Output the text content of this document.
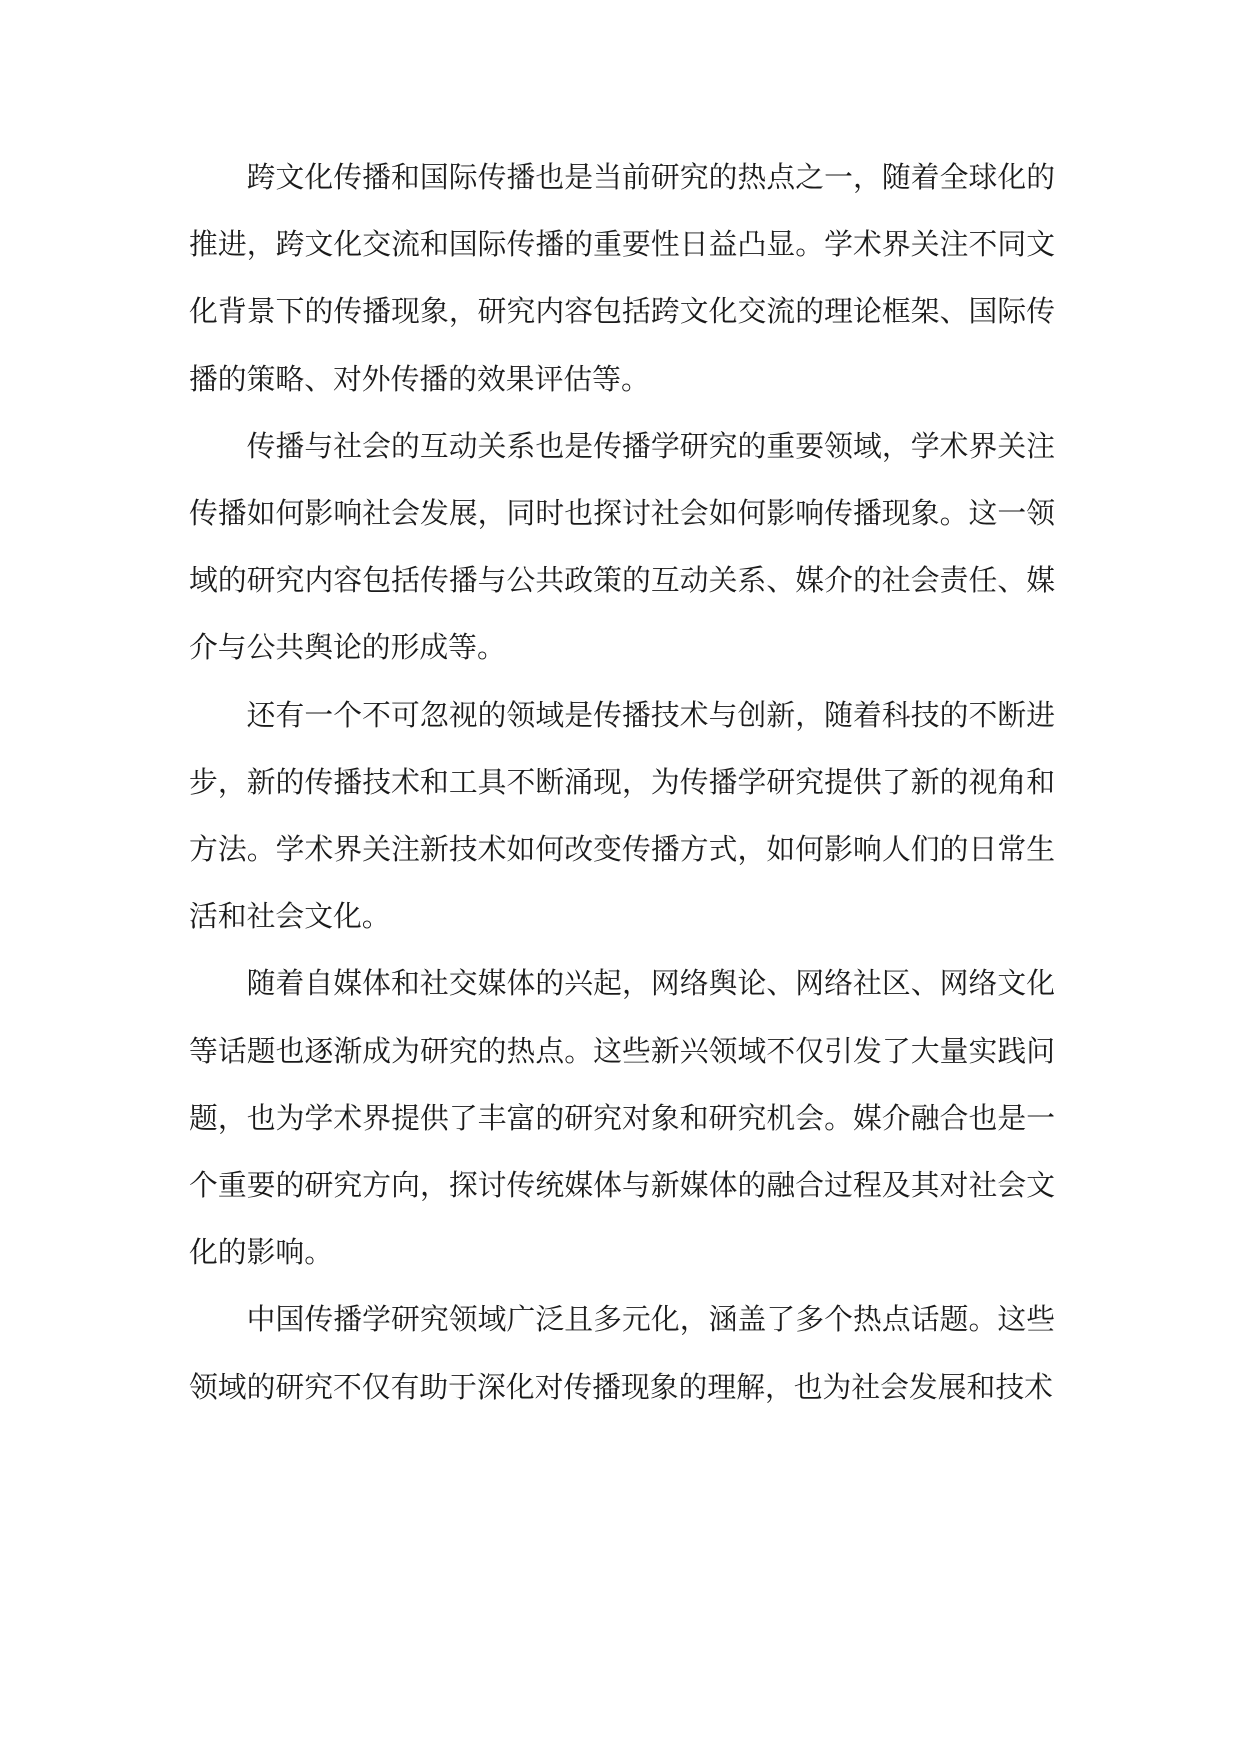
跨文化传播和国际传播也是当前研究的热点之一，随着全球化的推进，跨文化交流和国际传播的重要性日益凸显。学术界关注不同文化背景下的传播现象，研究内容包括跨文化交流的理论框架、国际传播的策略、对外传播的效果评估等。

传播与社会的互动关系也是传播学研究的重要领域，学术界关注传播如何影响社会发展，同时也探讨社会如何影响传播现象。这一领域的研究内容包括传播与公共政策的互动关系、媒介的社会责任、媒介与公共舆论的形成等。

还有一个不可忽视的领域是传播技术与创新，随着科技的不断进步，新的传播技术和工具不断涌现，为传播学研究提供了新的视角和方法。学术界关注新技术如何改变传播方式，如何影响人们的日常生活和社会文化。

随着自媒体和社交媒体的兴起，网络舆论、网络社区、网络文化等话题也逐渐成为研究的热点。这些新兴领域不仅引发了大量实践问题，也为学术界提供了丰富的研究对象和研究机会。媒介融合也是一个重要的研究方向，探讨传统媒体与新媒体的融合过程及其对社会文化的影响。

中国传播学研究领域广泛且多元化，涵盖了多个热点话题。这些领域的研究不仅有助于深化对传播现象的理解，也为社会发展和技术
